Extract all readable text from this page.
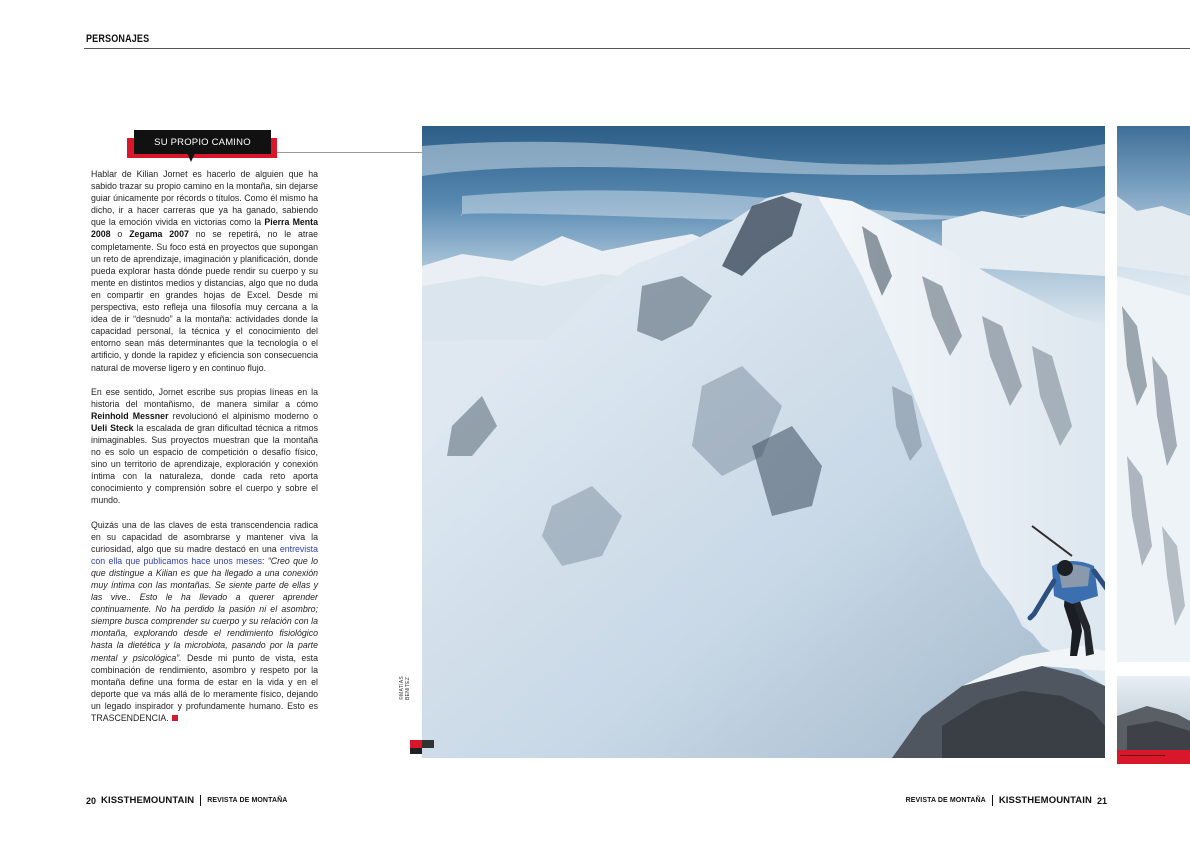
PERSONAJES
SU PROPIO CAMINO

Hablar de Kilian Jornet es hacerlo de alguien que ha sabido trazar su propio camino en la montaña, sin dejarse guiar únicamente por récords o títulos. Como él mismo ha dicho, ir a hacer carreras que ya ha ganado, sabiendo que la emoción vivida en victorias como la Pierra Menta 2008 o Zegama 2007 no se repetirá, no le atrae completamente. Su foco está en proyectos que supongan un reto de aprendizaje, imaginación y planificación, donde pueda explorar hasta dónde puede rendir su cuerpo y su mente en distintos medios y distancias, algo que no duda en compartir en grandes hojas de Excel. Desde mi perspectiva, esto refleja una filosofía muy cercana a la idea de ir “desnudo” a la montaña: actividades donde la capacidad personal, la técnica y el conocimiento del entorno sean más determinantes que la tecnología o el artificio, y donde la rapidez y eficiencia son consecuencia natural de moverse ligero y en continuo flujo.

En ese sentido, Jornet escribe sus propias líneas en la historia del montañismo, de manera similar a cómo Reinhold Messner revolucionó el alpinismo moderno o Ueli Steck la escalada de gran dificultad técnica a ritmos inimaginables. Sus proyectos muestran que la montaña no es solo un espacio de competición o desafío físico, sino un territorio de aprendizaje, exploración y conexión íntima con la naturaleza, donde cada reto aporta conocimiento y comprensión sobre el cuerpo y sobre el mundo.

Quizás una de las claves de esta transcendencia radica en su capacidad de asombrarse y mantener viva la curiosidad, algo que su madre destacó en una entrevista con ella que publicamos hace unos meses: “Creo que lo que distingue a Kilian es que ha llegado a una conexión muy íntima con las montañas. Se siente parte de ellas y las vive.. Esto le ha llevado a querer aprender continuamente. No ha perdido la pasión ni el asombro; siempre busca comprender su cuerpo y su relación con la montaña, explorando desde el rendimiento fisiológico hasta la dietética y la microbiota, pasando por la parte mental y psicológica”. Desde mi punto de vista, esta combinación de rendimiento, asombro y respeto por la montaña define una forma de estar en la vida y en el deporte que va más allá de lo meramente físico, dejando un legado inspirador y profundamente humano. Esto es TRASCENDENCIA.

©MATÍAS BENITEZ
20
KISSTHEMOUNTAIN REVISTA DE MONTAÑA	REVISTA DE MONTAÑA KISSTHEMOUNTAIN
21
